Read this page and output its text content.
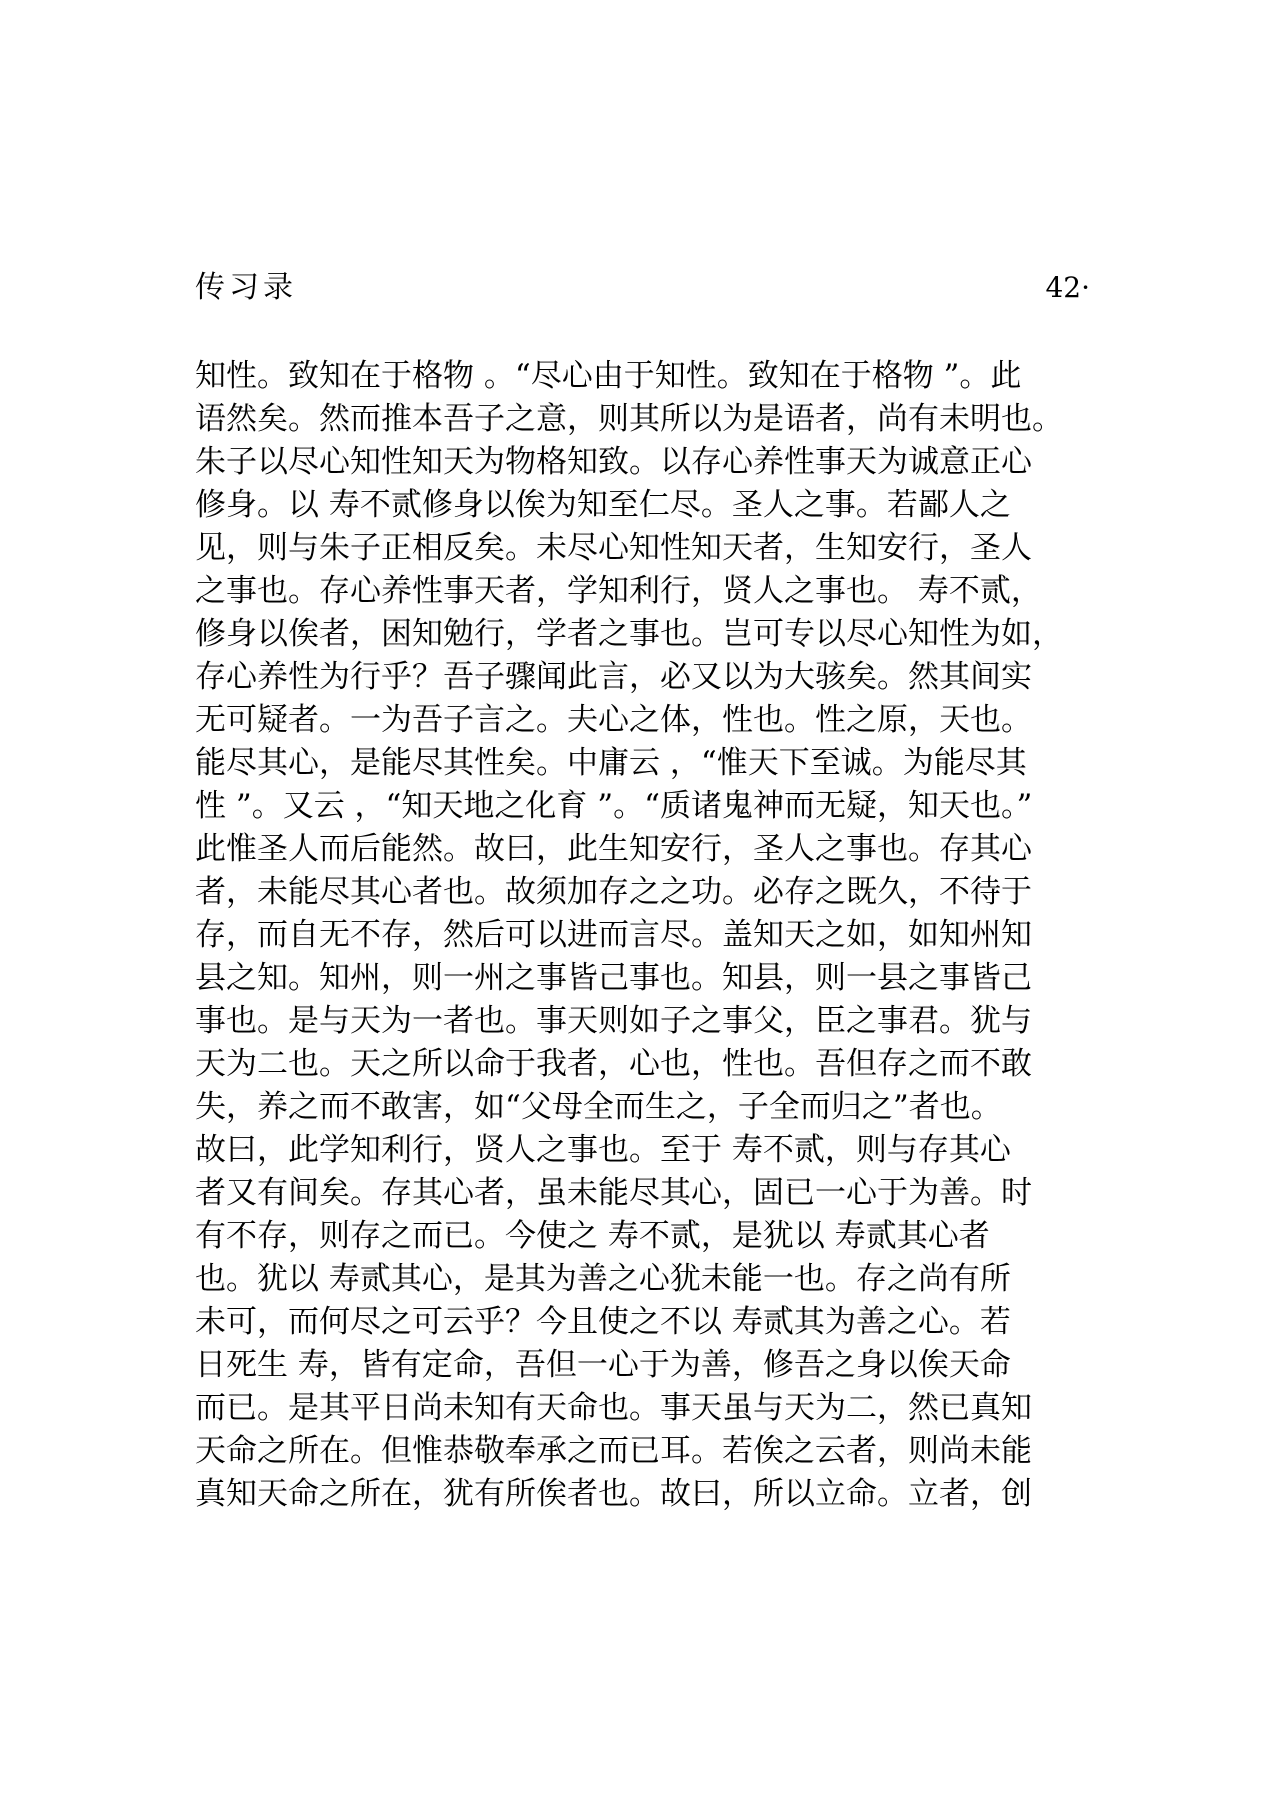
传习录	42·
知性。致知在于格物 。“尽心由于知性。致知在于格物 ”。此
语然矣。然而推本吾子之意，则其所以为是语者，尚有未明也。
朱子以尽心知性知天为物格知致。以存心养性事天为诚意正心
修身。以 寿不贰修身以俟为知至仁尽。圣人之事。若鄙人之
见，则与朱子正相反矣。未尽心知性知天者，生知安行，圣人
之事也。存心养性事天者，学知利行，贤人之事也。 寿不贰，
修身以俟者，困知勉行，学者之事也。岂可专以尽心知性为如，
存心养性为行乎？吾子骤闻此言，必又以为大骇矣。然其间实
无可疑者。一为吾子言之。夫心之体，性也。性之原，天也。
能尽其心，是能尽其性矣。中庸云 ，“惟天下至诚。为能尽其
性 ”。又云 ，“知天地之化育 ”。“质诸鬼神而无疑，知天也。”
此惟圣人而后能然。故曰，此生知安行，圣人之事也。存其心
者，未能尽其心者也。故须加存之之功。必存之既久，不待于
存，而自无不存，然后可以进而言尽。盖知天之如，如知州知
县之知。知州，则一州之事皆己事也。知县，则一县之事皆己
事也。是与天为一者也。事天则如子之事父，臣之事君。犹与
天为二也。天之所以命于我者，心也，性也。吾但存之而不敢
失，养之而不敢害，如“父母全而生之，子全而归之”者也。
故曰，此学知利行，贤人之事也。至于 寿不贰，则与存其心
者又有间矣。存其心者，虽未能尽其心，固已一心于为善。时
有不存，则存之而已。今使之 寿不贰，是犹以 寿贰其心者
也。犹以 寿贰其心，是其为善之心犹未能一也。存之尚有所
未可，而何尽之可云乎？今且使之不以 寿贰其为善之心。若
日死生 寿，皆有定命，吾但一心于为善，修吾之身以俟天命
而已。是其平日尚未知有天命也。事天虽与天为二，然已真知
天命之所在。但惟恭敬奉承之而已耳。若俟之云者，则尚未能
真知天命之所在，犹有所俟者也。故曰，所以立命。立者，创
